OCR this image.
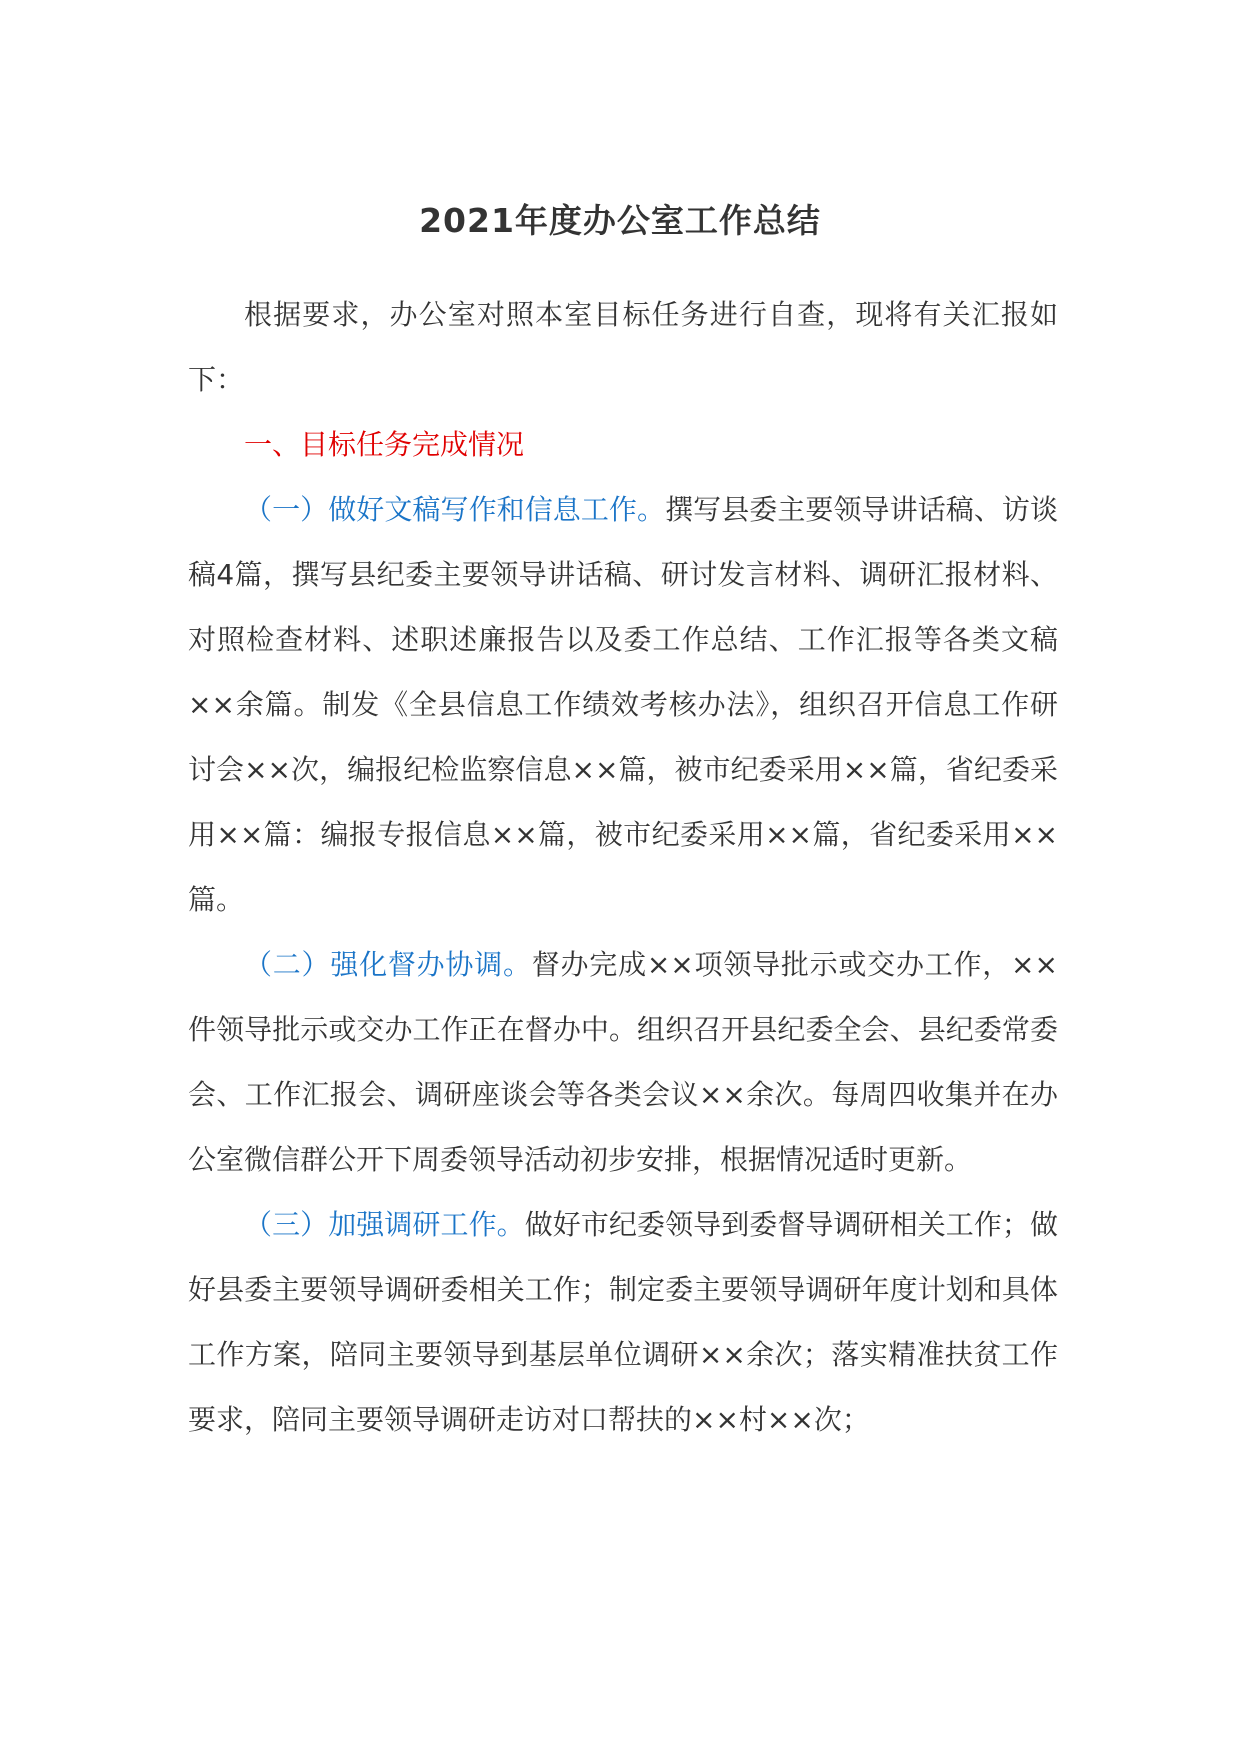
2021年度办公室工作总结

根据要求，办公室对照本室目标任务进行自查，现将有关汇报如下：

一、目标任务完成情况

（一）做好文稿写作和信息工作。撰写县委主要领导讲话稿、访谈稿4篇，撰写县纪委主要领导讲话稿、研讨发言材料、调研汇报材料、对照检查材料、述职述廉报告以及委工作总结、工作汇报等各类文稿××余篇。制发《全县信息工作绩效考核办法》，组织召开信息工作研讨会××次，编报纪检监察信息××篇，被市纪委采用××篇，省纪委采用××篇：编报专报信息××篇，被市纪委采用××篇，省纪委采用××篇。

（二）强化督办协调。督办完成××项领导批示或交办工作，××件领导批示或交办工作正在督办中。组织召开县纪委全会、县纪委常委会、工作汇报会、调研座谈会等各类会议××余次。每周四收集并在办公室微信群公开下周委领导活动初步安排，根据情况适时更新。

（三）加强调研工作。做好市纪委领导到委督导调研相关工作；做好县委主要领导调研委相关工作；制定委主要领导调研年度计划和具体工作方案，陪同主要领导到基层单位调研××余次；落实精准扶贫工作要求，陪同主要领导调研走访对口帮扶的××村××次；
